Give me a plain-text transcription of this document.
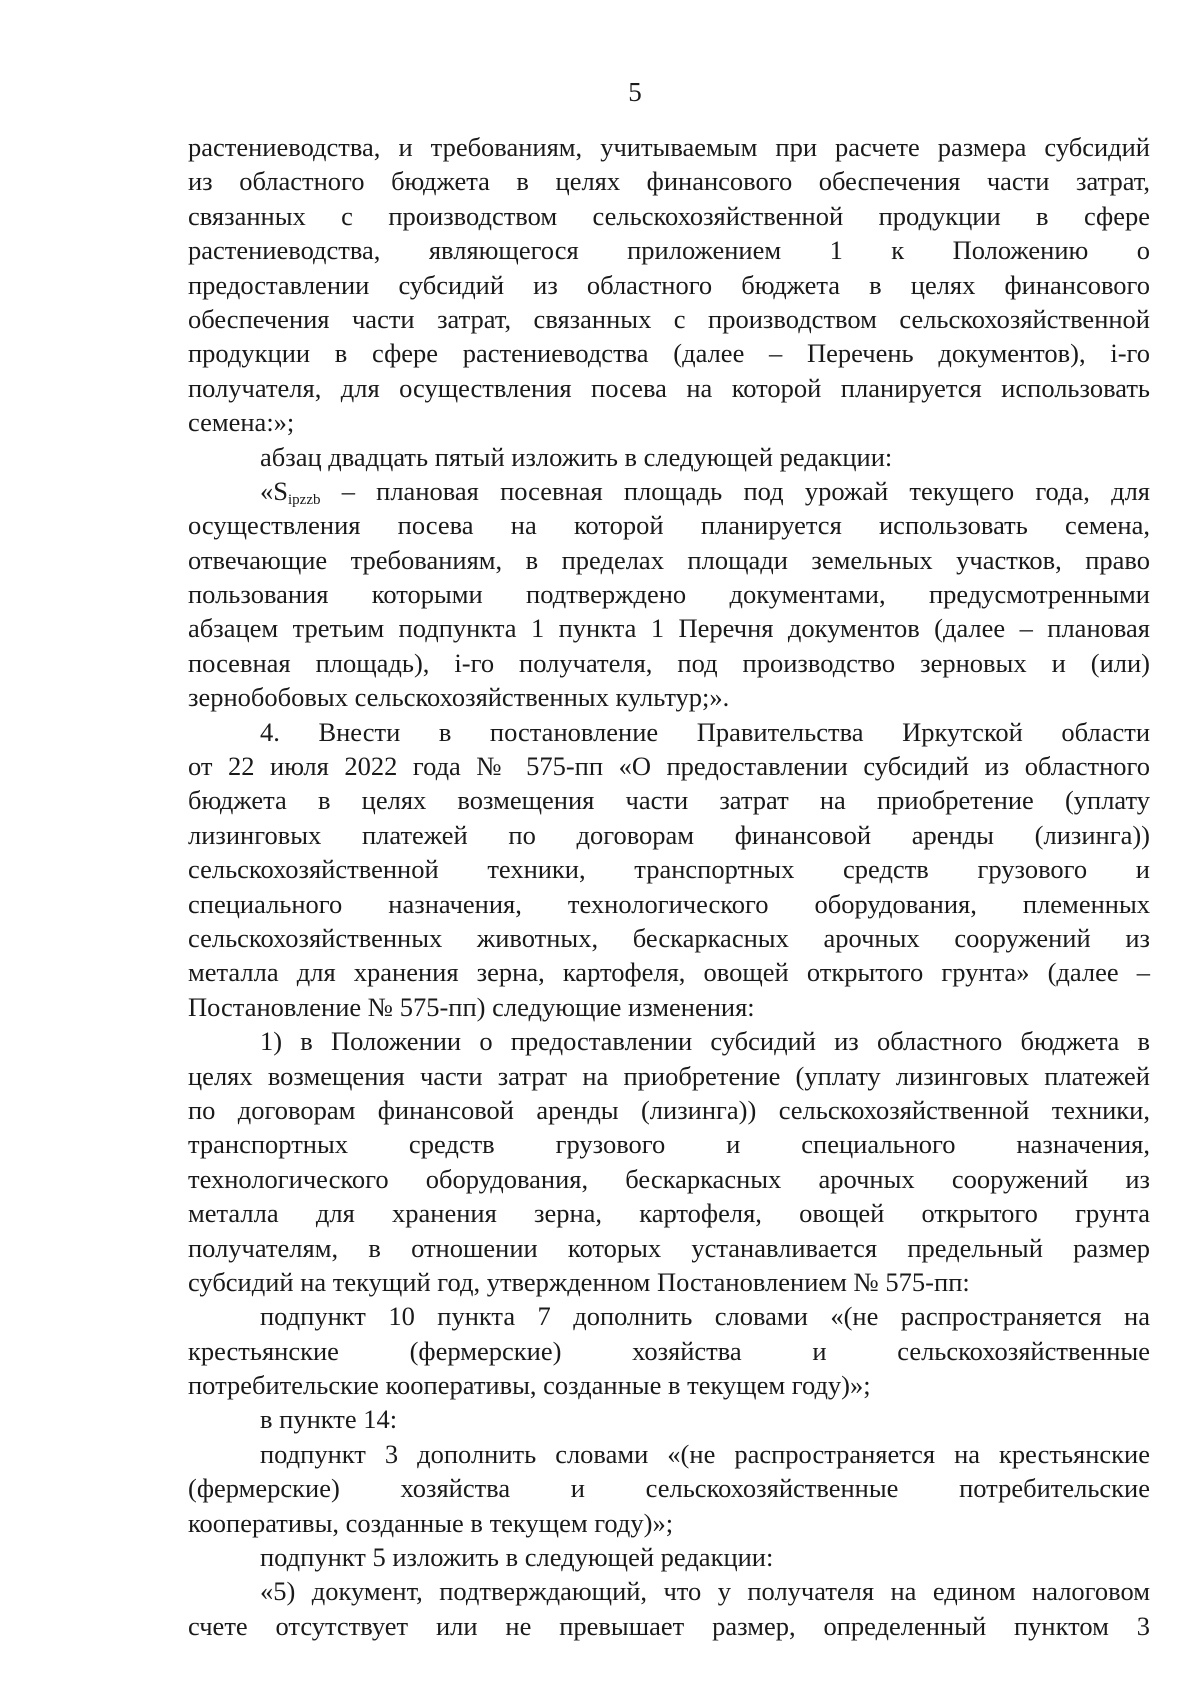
5
растениеводства, и требованиям, учитываемым при расчете размера субсидий
из областного бюджета в целях финансового обеспечения части затрат,
связанных с производством сельскохозяйственной продукции в сфере
растениеводства, являющегося приложением 1 к Положению о
предоставлении субсидий из областного бюджета в целях финансового
обеспечения части затрат, связанных с производством сельскохозяйственной
продукции в сфере растениеводства (далее – Перечень документов), i-го
получателя, для осуществления посева на которой планируется использовать
семена:»;
абзац двадцать пятый изложить в следующей редакции:
«$S_{ipzzb}$ – плановая посевная площадь под урожай текущего года, для
осуществления посева на которой планируется использовать семена,
отвечающие требованиям, в пределах площади земельных участков, право
пользования которыми подтверждено документами, предусмотренными
абзацем третьим подпункта 1 пункта 1 Перечня документов (далее – плановая
посевная площадь), i-го получателя, под производство зерновых и (или)
зернобобовых сельскохозяйственных культур;».
4. Внести в постановление Правительства Иркутской области
от 22 июля 2022 года № 575-пп «О предоставлении субсидий из областного
бюджета в целях возмещения части затрат на приобретение (уплату
лизинговых платежей по договорам финансовой аренды (лизинга))
сельскохозяйственной техники, транспортных средств грузового и
специального назначения, технологического оборудования, племенных
сельскохозяйственных животных, бескаркасных арочных сооружений из
металла для хранения зерна, картофеля, овощей открытого грунта» (далее –
Постановление № 575-пп) следующие изменения:
1) в Положении о предоставлении субсидий из областного бюджета в
целях возмещения части затрат на приобретение (уплату лизинговых платежей
по договорам финансовой аренды (лизинга)) сельскохозяйственной техники,
транспортных средств грузового и специального назначения,
технологического оборудования, бескаркасных арочных сооружений из
металла для хранения зерна, картофеля, овощей открытого грунта
получателям, в отношении которых устанавливается предельный размер
субсидий на текущий год, утвержденном Постановлением № 575-пп:
подпункт 10 пункта 7 дополнить словами «(не распространяется на
крестьянские (фермерские) хозяйства и сельскохозяйственные
потребительские кооперативы, созданные в текущем году)»;
в пункте 14:
подпункт 3 дополнить словами «(не распространяется на крестьянские
(фермерские) хозяйства и сельскохозяйственные потребительские
кооперативы, созданные в текущем году)»;
подпункт 5 изложить в следующей редакции:
«5) документ, подтверждающий, что у получателя на едином налоговом
счете отсутствует или не превышает размер, определенный пунктом 3
